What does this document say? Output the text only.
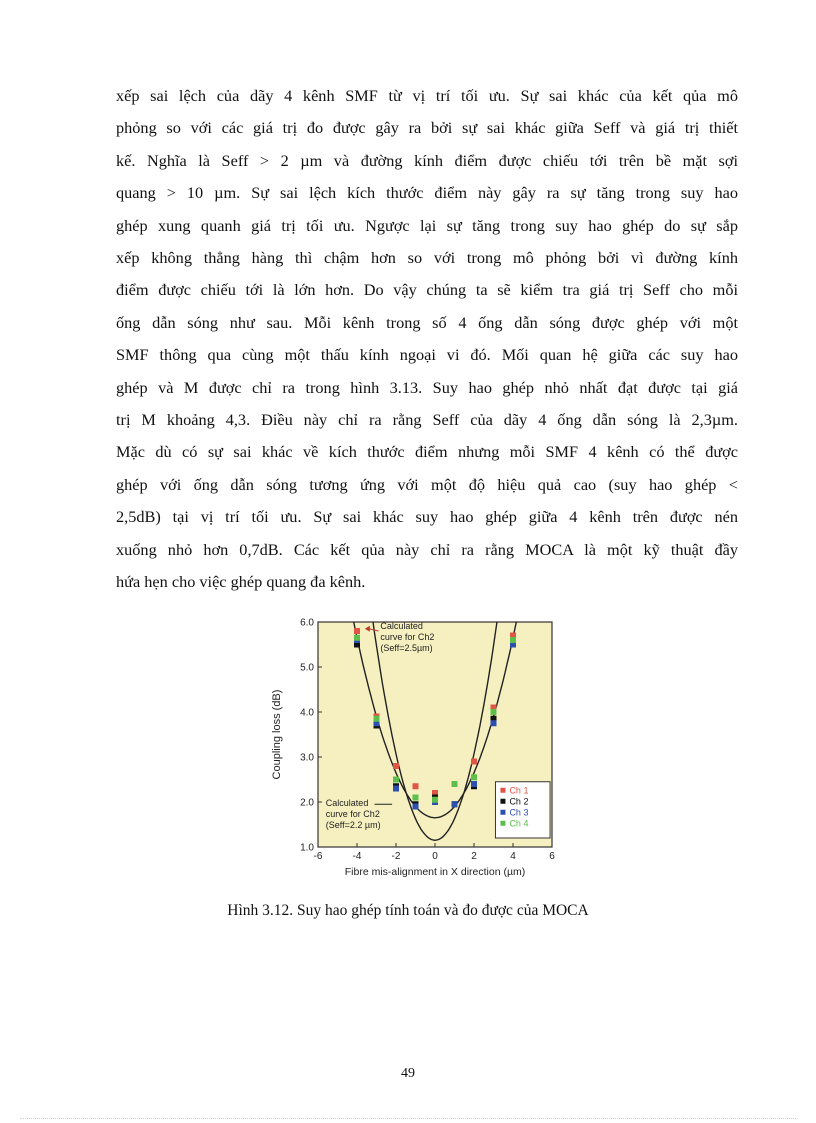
xếp sai lệch của dãy 4 kênh SMF từ vị trí tối ưu. Sự sai khác của kết qủa mô
phỏng so với các giá trị đo được gây ra bởi sự sai khác giữa Seff và giá trị thiết
kế. Nghĩa là Seff > 2 µm và đường kính điểm được chiếu tới trên bề mặt sợi
quang > 10 µm. Sự sai lệch kích thước điểm này gây ra sự tăng trong suy hao
ghép xung quanh giá trị tối ưu. Ngược lại sự tăng trong suy hao ghép do sự sắp
xếp không thẳng hàng thì chậm hơn so với trong mô phỏng bởi vì đường kính
điểm được chiếu tới là lớn hơn. Do vậy chúng ta sẽ kiểm tra giá trị Seff cho mỗi
ống dẫn sóng như sau. Mỗi kênh trong số 4 ống dẫn sóng được ghép với một
SMF thông qua cùng một thấu kính ngoại vi đó. Mối quan hệ giữa các suy hao
ghép và M được chỉ ra trong hình 3.13. Suy hao ghép nhỏ nhất đạt được tại giá
trị M khoảng 4,3. Điều này chỉ ra rằng Seff của dãy 4 ống dẫn sóng là 2,3µm.
Mặc dù có sự sai khác về kích thước điểm nhưng mỗi SMF 4 kênh có thể được
ghép với ống dẫn sóng tương ứng với một độ hiệu quả cao (suy hao ghép <
2,5dB) tại vị trí tối ưu. Sự sai khác suy hao ghép giữa 4 kênh trên được nén
xuống nhỏ hơn 0,7dB. Các kết qủa này chỉ ra rằng MOCA là một kỹ thuật đầy
hứa hẹn cho việc ghép quang đa kênh.
1.0
2.0
3.0
4.0
5.0
6.0
-6	-4	-2	0	2	4	6
Fibre mis-alignment in X direction (µm)
Coupling loss (dB)
Calculated
curve for Ch2
(Seff=2.5µm)
Calculated
curve for Ch2
(Seff=2.2 µm)
Ch 1
Ch 2
Ch 3
Ch 4
Hình 3.12. Suy hao ghép tính toán và đo được của MOCA
49
